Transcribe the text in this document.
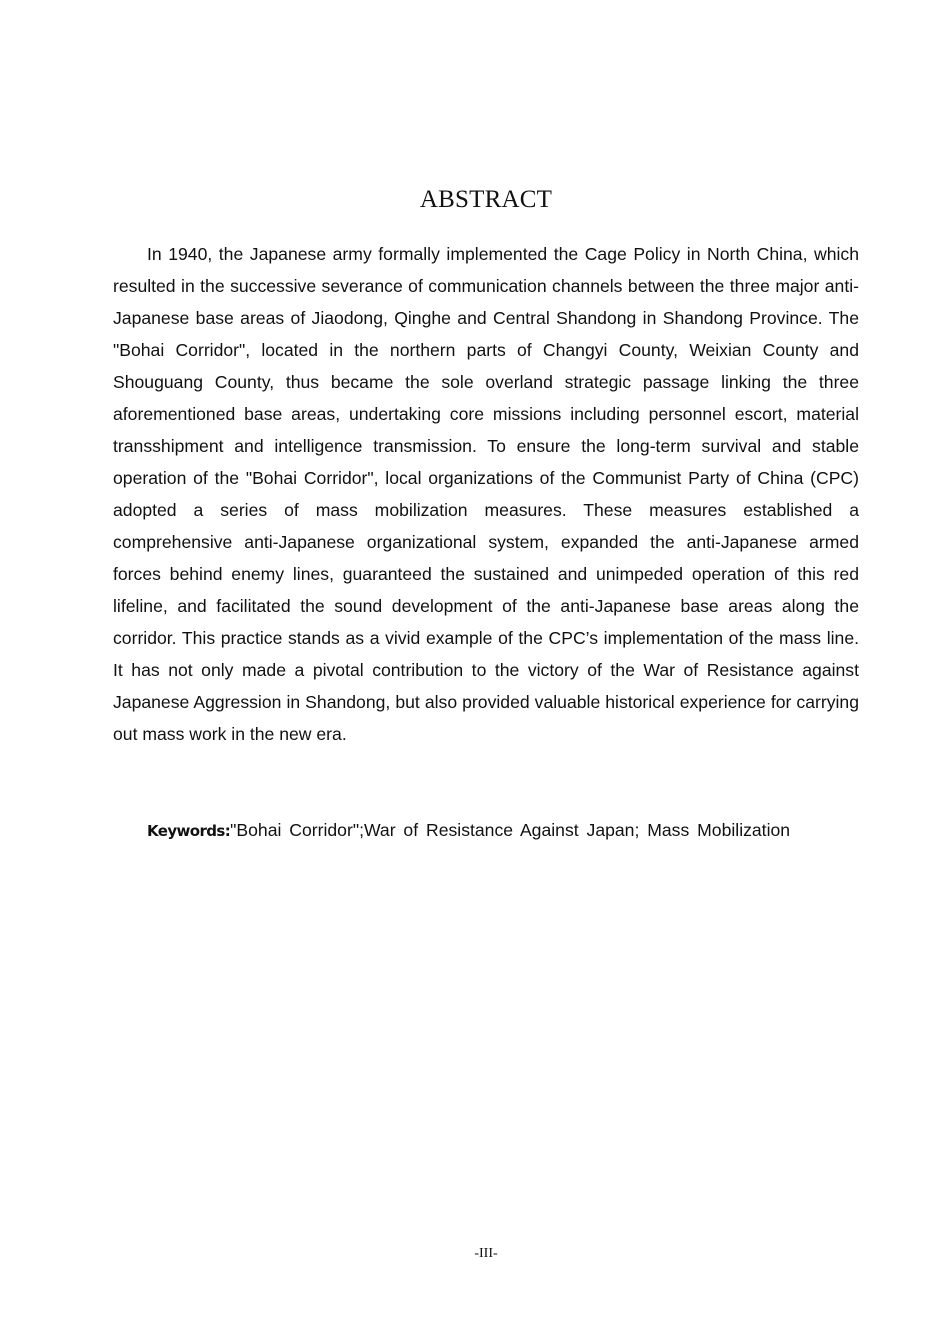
ABSTRACT

In 1940, the Japanese army formally implemented the Cage Policy in North China, which resulted in the successive severance of communication channels between the three major anti-Japanese base areas of Jiaodong, Qinghe and Central Shandong in Shandong Province. The "Bohai Corridor", located in the northern parts of Changyi County, Weixian County and Shouguang County, thus became the sole overland strategic passage linking the three aforementioned base areas, undertaking core missions including personnel escort, material transshipment and intelligence transmission. To ensure the long-term survival and stable operation of the "Bohai Corridor", local organizations of the Communist Party of China (CPC) adopted a series of mass mobilization measures. These measures established a comprehensive anti-Japanese organizational system, expanded the anti-Japanese armed forces behind enemy lines, guaranteed the sustained and unimpeded operation of this red lifeline, and facilitated the sound development of the anti-Japanese base areas along the corridor. This practice stands as a vivid example of the CPC’s implementation of the mass line. It has not only made a pivotal contribution to the victory of the War of Resistance against Japanese Aggression in Shandong, but also provided valuable historical experience for carrying out mass work in the new era.

Keywords:"Bohai Corridor";War of Resistance Against Japan; Mass Mobilization

-III-
